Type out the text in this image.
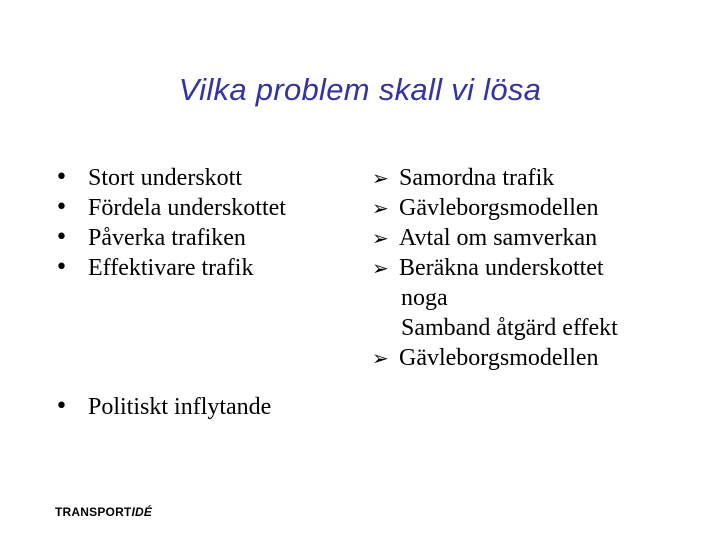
Vilka problem skall vi lösa
• Stort underskott
• Fördela underskottet
• Påverka trafiken
• Effektivare trafik
• Politiskt inflytande
➢ Samordna trafik
➢ Gävleborgsmodellen
➢ Avtal om samverkan
➢ Beräkna underskottet
noga
Samband åtgärd effekt
➢ Gävleborgsmodellen
TRANSPORTIDÉ
